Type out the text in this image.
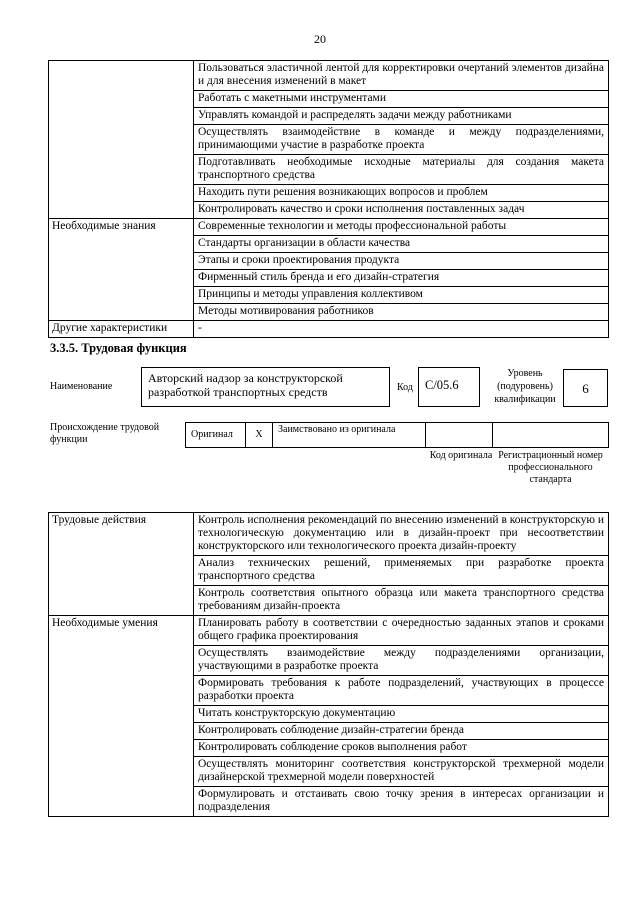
20
	Пользоваться эластичной лентой для корректировки очертаний элементов дизайна и для внесения изменений в макет
	Работать с макетными инструментами
	Управлять командой и распределять задачи между работниками
	Осуществлять взаимодействие в команде и между подразделениями, принимающими участие в разработке проекта
	Подготавливать необходимые исходные материалы для создания макета транспортного средства
	Находить пути решения возникающих вопросов и проблем
	Контролировать качество и сроки исполнения поставленных задач
Необходимые знания	Современные технологии и методы профессиональной работы
	Стандарты организации в области качества
	Этапы и сроки проектирования продукта
	Фирменный стиль бренда и его дизайн-стратегия
	Принципы и методы управления коллективом
	Методы мотивирования работников
Другие характеристики	-
3.3.5. Трудовая функция
Наименование
Авторский надзор за конструкторской разработкой транспортных средств	Код C/05.6
Уровень (подуровень) квалификации
6
Происхождение трудовой функции	Оригинал	X	Заимствовано из оригинала
Код оригинала Регистрационный номер профессионального стандарта
Трудовые действия	Контроль исполнения рекомендаций по внесению изменений в конструкторскую и технологическую документацию или в дизайн-проект при несоответствии конструкторского или технологического проекта дизайн-проекту
	Анализ технических решений, применяемых при разработке проекта транспортного средства
	Контроль соответствия опытного образца или макета транспортного средства требованиям дизайн-проекта
Необходимые умения	Планировать работу в соответствии с очередностью заданных этапов и сроками общего графика проектирования
	Осуществлять взаимодействие между подразделениями организации, участвующими в разработке проекта
	Формировать требования к работе подразделений, участвующих в процессе разработки проекта
	Читать конструкторскую документацию
	Контролировать соблюдение дизайн-стратегии бренда
	Контролировать соблюдение сроков выполнения работ
	Осуществлять мониторинг соответствия конструкторской трехмерной модели дизайнерской трехмерной модели поверхностей
	Формулировать и отстаивать свою точку зрения в интересах организации и подразделения
